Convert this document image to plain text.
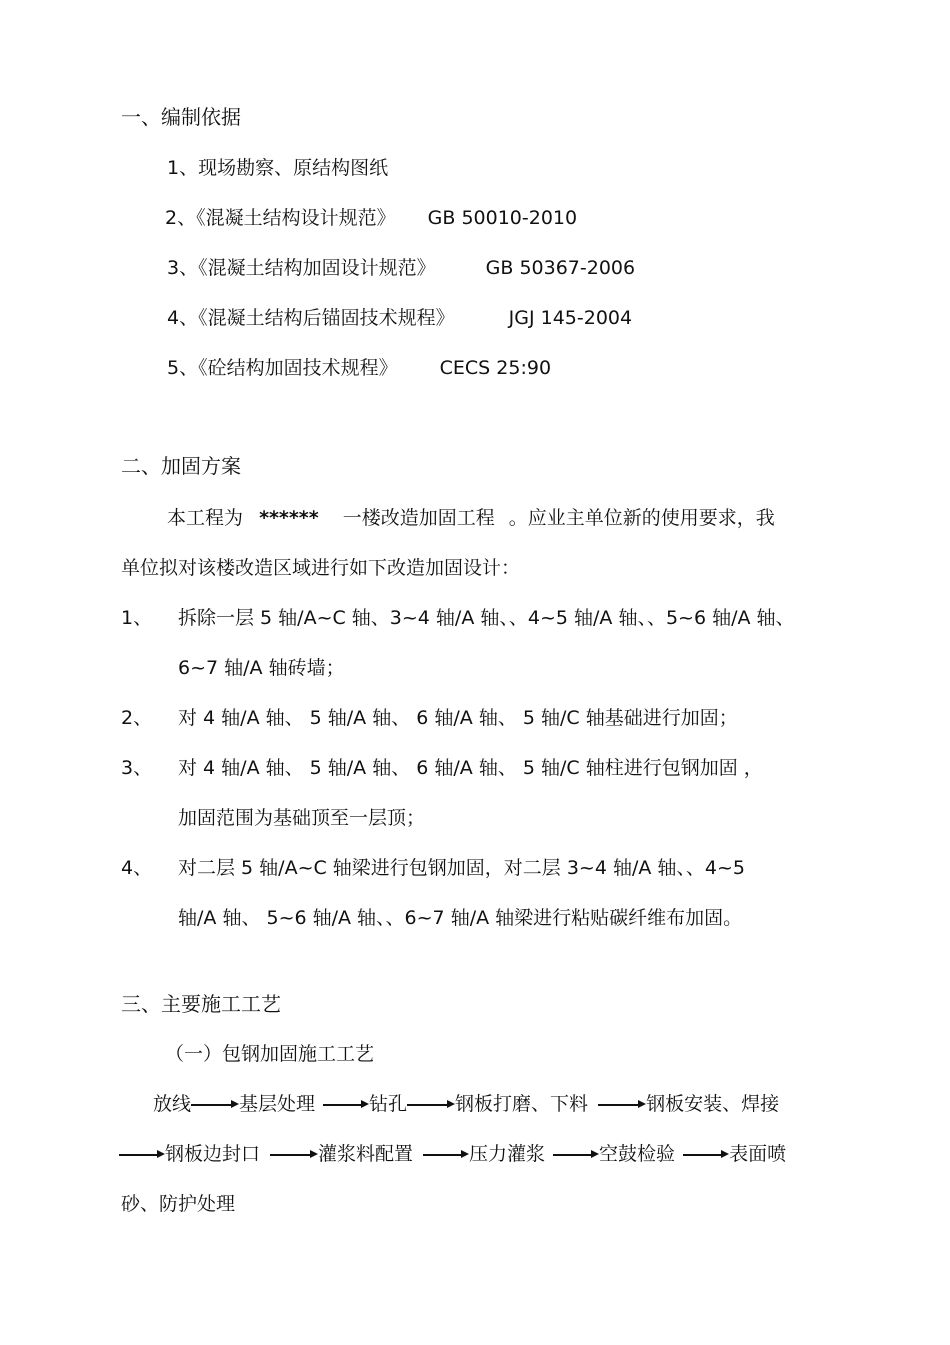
一、编制依据
1、现场勘察、原结构图纸
2、《混凝土结构设计规范》 GB 50010-2010
3、《混凝土结构加固设计规范》	GB 50367-2006
4、《混凝土结构后锚固技术规程》	JGJ 145-2004
5、《砼结构加固技术规程》 CECS 25:90
二、加固方案
本工程为 ****** 一楼改造加固工程 。应业主单位新的使用要求，我
单位拟对该楼改造区域进行如下改造加固设计：
1、 拆除一层 5 轴/A~C 轴、3~4 轴/A 轴、、4~5 轴/A 轴、、5~6 轴/A 轴、
6~7 轴/A 轴砖墙；
2、 对 4 轴/A 轴、 5 轴/A 轴、 6 轴/A 轴、 5 轴/C 轴基础进行加固；
3、 对 4 轴/A 轴、 5 轴/A 轴、 6 轴/A 轴、 5 轴/C 轴柱进行包钢加固 ，
加固范围为基础顶至一层顶；
4、 对二层 5 轴/A~C 轴梁进行包钢加固，对二层 3~4 轴/A 轴、、4~5
轴/A 轴、 5~6 轴/A 轴、、6~7 轴/A 轴梁进行粘贴碳纤维布加固。
三、主要施工工艺
（一）包钢加固施工工艺
放线	基层处理	钻孔	钢板打磨、下料	钢板安装、焊接
钢板边封口	灌浆料配置	压力灌浆	空鼓检验	表面喷
砂、防护处理
